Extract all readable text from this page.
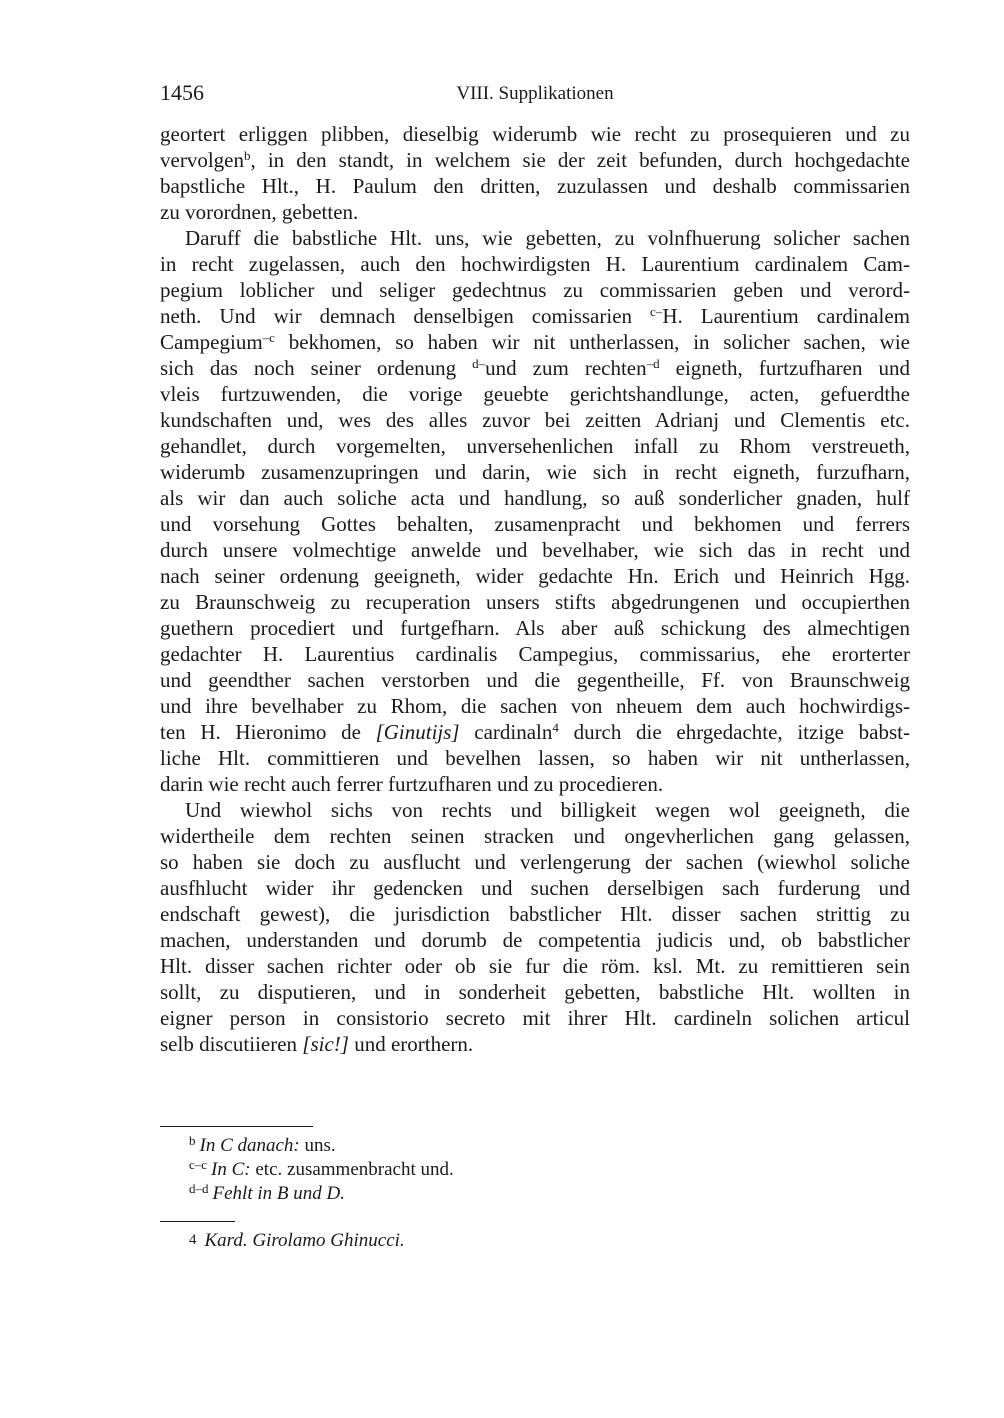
1456	VIII. Supplikationen
geortert erliggen plibben, dieselbig widerumb wie recht zu prosequieren und zu
vervolgen$^b$, in den standt, in welchem sie der zeit befunden, durch hochgedachte
bapstliche Hlt., H. Paulum den dritten, zuzulassen und deshalb commissarien
zu vorordnen, gebetten.
Daruff die babstliche Hlt. uns, wie gebetten, zu volnfhuerung solicher sachen
in recht zugelassen, auch den hochwirdigsten H. Laurentium cardinalem Cam-
pegium loblicher und seliger gedechtnus zu commissarien geben und verord-
neth. Und wir demnach denselbigen comissarien $^{c-}$H. Laurentium cardinalem
Campegium$^{-c}$ bekhomen, so haben wir nit untherlassen, in solicher sachen, wie
sich das noch seiner ordenung $^{d-}$und zum rechten$^{-d}$ eigneth, furtzufharen und
vleis furtzuwenden, die vorige geuebte gerichtshandlunge, acten, gefuerdthe
kundschaften und, wes des alles zuvor bei zeitten Adrianj und Clementis etc.
gehandlet, durch vorgemelten, unversehenlichen infall zu Rhom verstreueth,
widerumb zusamenzupringen und darin, wie sich in recht eigneth, furzufharn,
als wir dan auch soliche acta und handlung, so auß sonderlicher gnaden, hulf
und vorsehung Gottes behalten, zusamenpracht und bekhomen und ferrers
durch unsere volmechtige anwelde und bevelhaber, wie sich das in recht und
nach seiner ordenung geeigneth, wider gedachte Hn. Erich und Heinrich Hgg.
zu Braunschweig zu recuperation unsers stifts abgedrungenen und occupierthen
guethern procediert und furtgefharn. Als aber auß schickung des almechtigen
gedachter H. Laurentius cardinalis Campegius, commissarius, ehe erorterter
und geendther sachen verstorben und die gegentheille, Ff. von Braunschweig
und ihre bevelhaber zu Rhom, die sachen von nheuem dem auch hochwirdigs-
ten H. Hieronimo de [Ginutijs] cardinaln$^4$ durch die ehrgedachte, itzige babst-
liche Hlt. committieren und bevelhen lassen, so haben wir nit untherlassen,
darin wie recht auch ferrer furtzufharen und zu procedieren.
Und wiewhol sichs von rechts und billigkeit wegen wol geeigneth, die
widertheile dem rechten seinen stracken und ongevherlichen gang gelassen,
so haben sie doch zu ausflucht und verlengerung der sachen (wiewhol soliche
ausfhlucht wider ihr gedencken und suchen derselbigen sach furderung und
endschaft gewest), die jurisdiction babstlicher Hlt. disser sachen strittig zu
machen, understanden und dorumb de competentia judicis und, ob babstlicher
Hlt. disser sachen richter oder ob sie fur die röm. ksl. Mt. zu remittieren sein
sollt, zu disputieren, und in sonderheit gebetten, babstliche Hlt. wollten in
eigner person in consistorio secreto mit ihrer Hlt. cardineln solichen articul
selb discutiieren [sic!] und erorthern.
$^b$ In C danach: uns.
$^{c-c}$ In C: etc. zusammenbracht und.
$^{d-d}$ Fehlt in B und D.
4 Kard. Girolamo Ghinucci.
